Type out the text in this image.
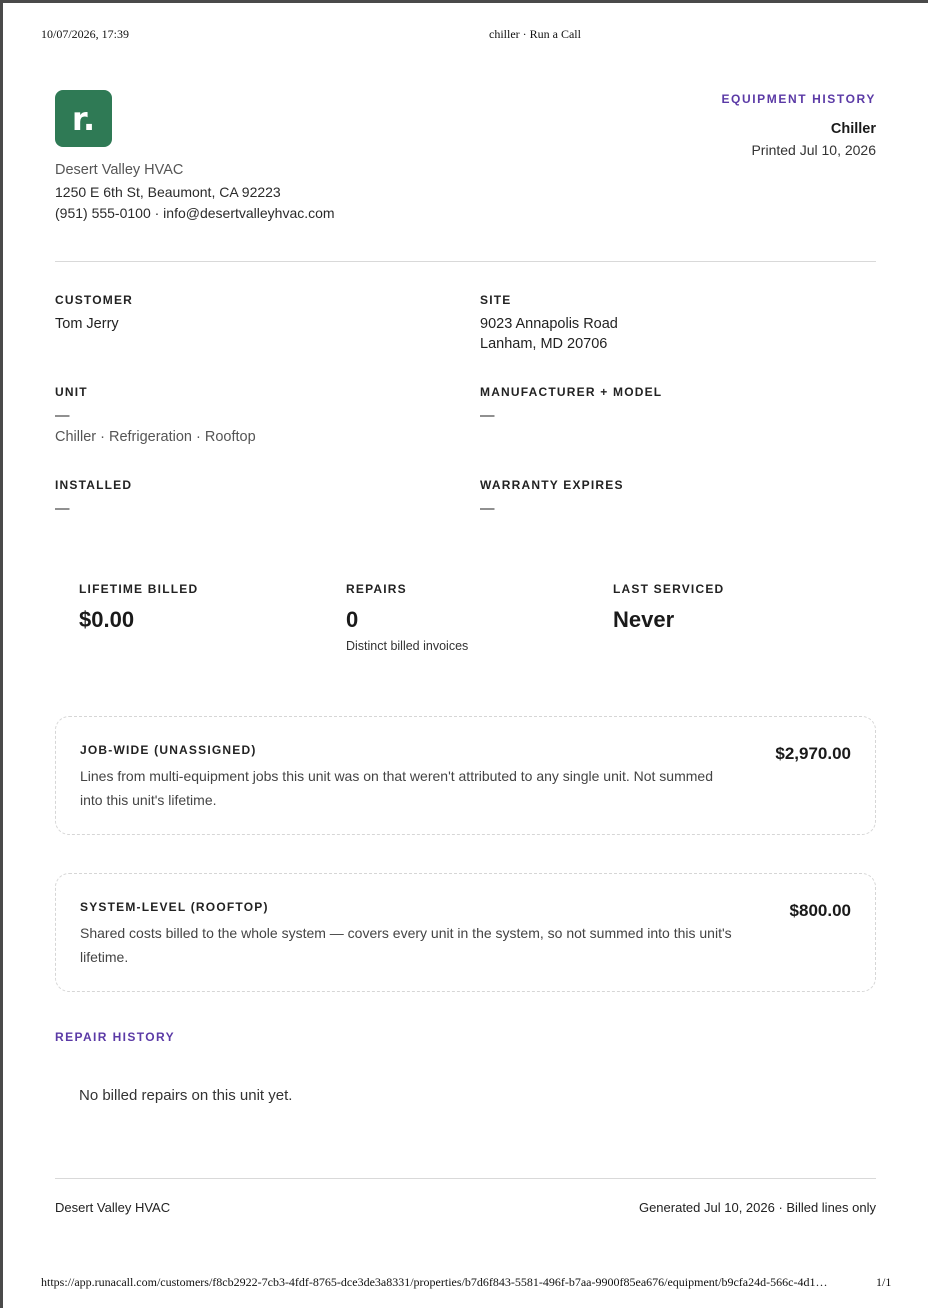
10/07/2026, 17:39	chiller · Run a Call
r.
Desert Valley HVAC
1250 E 6th St, Beaumont, CA 92223
(951) 555-0100 · info@desertvalleyhvac.com
EQUIPMENT HISTORY
Chiller
Printed Jul 10, 2026
CUSTOMER
Tom Jerry
SITE
9023 Annapolis Road
Lanham, MD 20706
UNIT
—
Chiller · Refrigeration · Rooftop
MANUFACTURER + MODEL
—
INSTALLED
—
WARRANTY EXPIRES
—
LIFETIME BILLED
$0.00
REPAIRS
0
Distinct billed invoices
LAST SERVICED
Never
JOB-WIDE (UNASSIGNED)
Lines from multi-equipment jobs this unit was on that weren't attributed to any single unit. Not summed into this unit's lifetime.
$2,970.00
SYSTEM-LEVEL (ROOFTOP)
Shared costs billed to the whole system — covers every unit in the system, so not summed into this unit's lifetime.
$800.00
REPAIR HISTORY
No billed repairs on this unit yet.
Desert Valley HVAC	Generated Jul 10, 2026 · Billed lines only
https://app.runacall.com/customers/f8cb2922-7cb3-4fdf-8765-dce3de3a8331/properties/b7d6f843-5581-496f-b7aa-9900f85ea676/equipment/b9cfa24d-566c-4d1…	1/1
